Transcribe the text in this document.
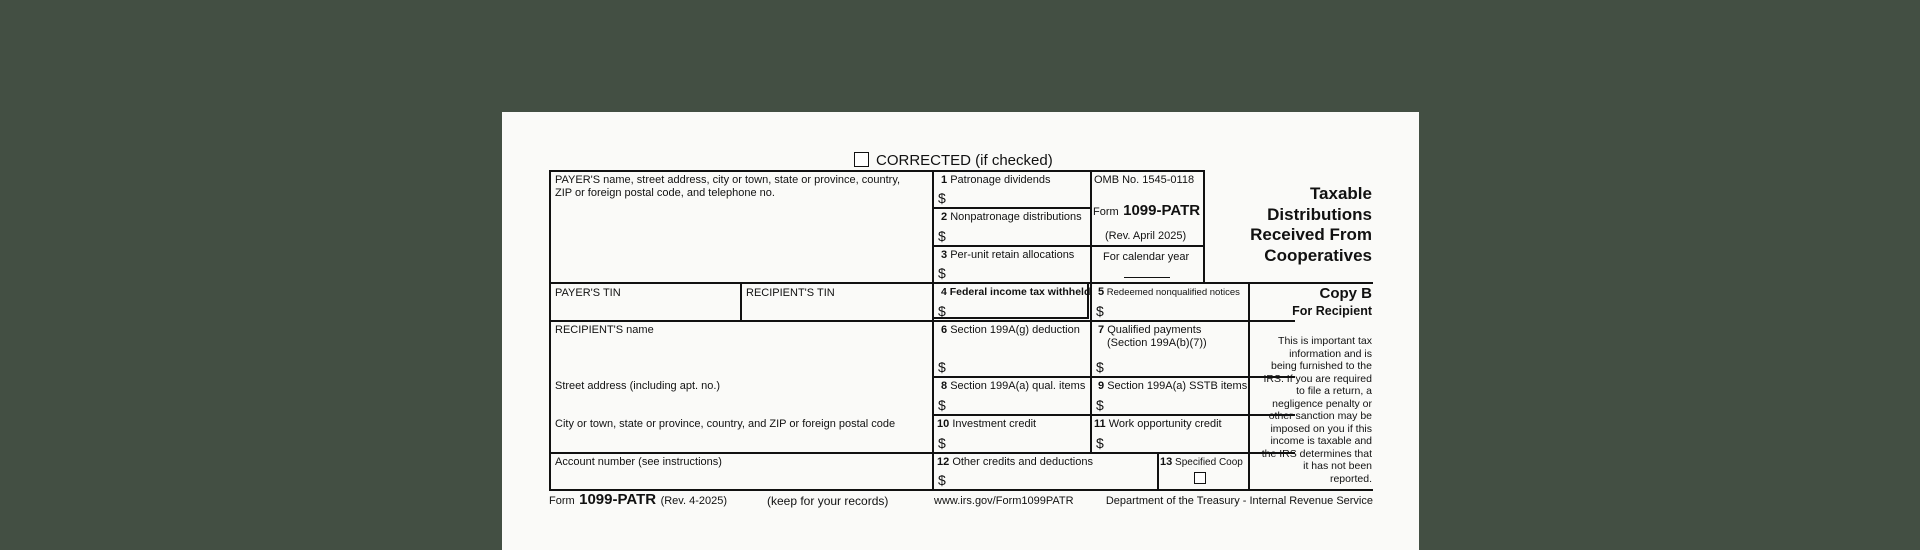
CORRECTED (if checked)
PAYER'S name, street address, city or town, state or province, country,
ZIP or foreign postal code, and telephone no.
PAYER'S TIN	RECIPIENT'S TIN
RECIPIENT'S name
Street address (including apt. no.)
City or town, state or province, country, and ZIP or foreign postal code
Account number (see instructions)
1 Patronage dividends
$
2 Nonpatronage distributions
$
3 Per-unit retain allocations
$
OMB No. 1545-0118
Form 1099-PATR
(Rev. April 2025)
For calendar year
Taxable
Distributions
Received From
Cooperatives
4 Federal income tax withheld
$
5 Redeemed nonqualified notices
$
6 Section 199A(g) deduction
$
7 Qualified payments
(Section 199A(b)(7))
$
8 Section 199A(a) qual. items
$
9 Section 199A(a) SSTB items
$
10 Investment credit
$
11 Work opportunity credit
$
12 Other credits and deductions
$
13 Specified Coop
Copy B
For Recipient
This is important tax
information and is
being furnished to the
IRS. If you are required
to file a return, a
negligence penalty or
other sanction may be
imposed on you if this
income is taxable and
the IRS determines that
it has not been
reported.
Form 1099-PATR (Rev. 4-2025)	(keep for your records)	www.irs.gov/Form1099PATR	Department of the Treasury - Internal Revenue Service
